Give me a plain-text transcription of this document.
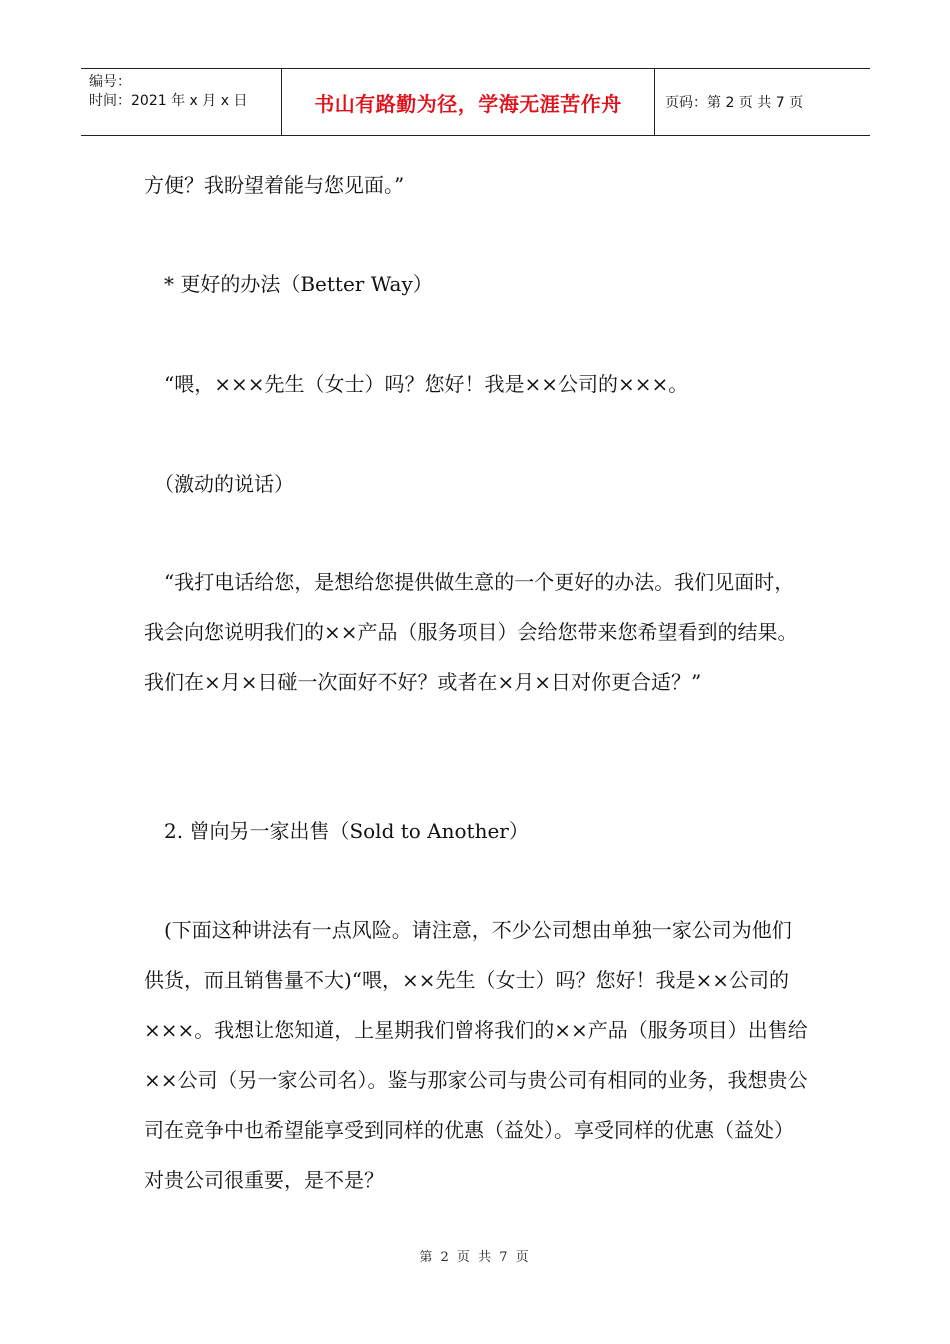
编号：
时间：2021 年 x 月 x 日	书山有路勤为径，学海无涯苦作舟	页码：第 2 页 共 7 页

方便？我盼望着能与您见面。”

　* 更好的办法（Better Way）

　“喂，×××先生（女士）吗？您好！我是××公司的×××。

　（激动的说话）

　“我打电话给您，是想给您提供做生意的一个更好的办法。我们见面时，我会向您说明我们的××产品（服务项目）会给您带来您希望看到的结果。我们在×月×日碰一次面好不好？或者在×月×日对你更合适？”

　2. 曾向另一家出售（Sold to Another）

　(下面这种讲法有一点风险。请注意，不少公司想由单独一家公司为他们供货，而且销售量不大)“喂，××先生（女士）吗？您好！我是××公司的×××。我想让您知道，上星期我们曾将我们的××产品（服务项目）出售给××公司（另一家公司名）。鉴与那家公司与贵公司有相同的业务，我想贵公司在竞争中也希望能享受到同样的优惠（益处）。享受同样的优惠（益处）对贵公司很重要，是不是？

第 2 页 共 7 页
